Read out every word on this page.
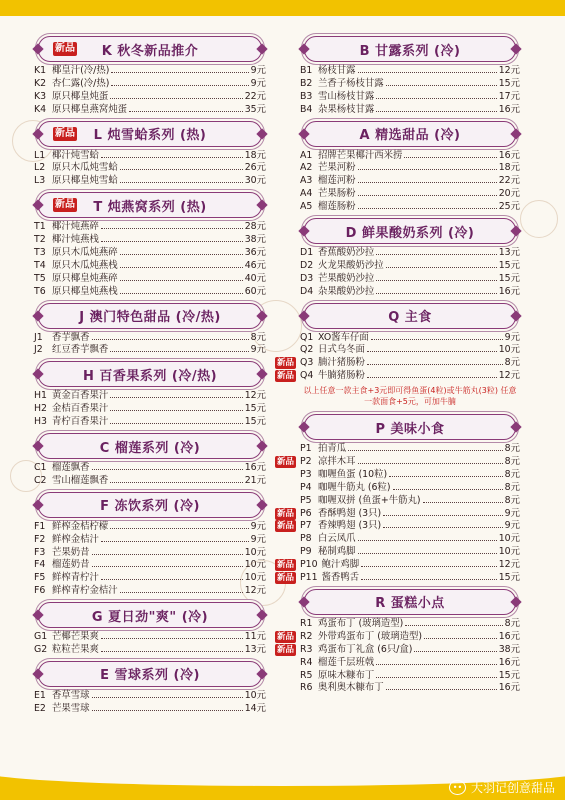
新品 K 秋冬新品推介
K1 椰皇汁(冷/热)	9元
K2 杏仁露(冷/热)	9元
K3 原只椰皇炖蛋	22元
K4 原只椰皇燕窝炖蛋	35元
新品 L 炖雪蛤系列 (热)
L1 椰汁炖雪蛤	18元
L2 原只木瓜炖雪蛤	26元
L3 原只椰皇炖雪蛤	30元
新品 T 炖燕窝系列 (热)
T1 椰汁炖燕碎	28元
T2 椰汁炖燕栈	38元
T3 原只木瓜炖燕碎	36元
T4 原只木瓜炖燕栈	46元
T5 原只椰皇炖燕碎	40元
T6 原只椰皇炖燕栈	60元
J 澳门特色甜品 (冷/热)
J1 香芋飘香	8元
J2 红豆香芋飘香	9元
H 百香果系列 (冷/热)
H1 黄金百香果汁	12元
H2 金桔百香果汁	15元
H3 青柠百香果汁	15元
C 榴莲系列 (冷)
C1 榴莲飘香	16元
C2 雪山榴莲飘香	21元
F 冻饮系列 (冷)
F1 鲜榨金桔柠檬	9元
F2 鲜榨金桔汁	9元
F3 芒果奶昔	10元
F4 榴莲奶昔	10元
F5 鲜榨青柠汁	10元
F6 鲜榨青柠金桔汁	12元
G 夏日劲"爽" (冷)
G1 芒椰芒果爽	11元
G2 粒粒芒果爽	13元
E 雪球系列 (冷)
E1 香草雪球	10元
E2 芒果雪球	14元
B 甘露系列 (冷)
B1 杨枝甘露	12元
B2 兰香子杨枝甘露	15元
B3 雪山杨枝甘露	17元
B4 杂果杨枝甘露	16元
A 精选甜品 (冷)
A1 招牌芒果椰汁西米捞	16元
A2 芒果河粉	18元
A3 榴莲河粉	22元
A4 芒果肠粉	20元
A5 榴莲肠粉	25元
D 鲜果酸奶系列 (冷)
D1 香蕉酸奶沙拉	13元
D2 火龙果酸奶沙拉	15元
D3 芒果酸奶沙拉	15元
D4 杂果酸奶沙拉	16元
Q 主食
Q1 XO酱车仔面	9元
Q2 日式乌冬面	10元
新品 Q3 腩汁猪肠粉	8元
新品 Q4 牛腩猪肠粉	12元
以上任意一款主食+3元即可得鱼蛋(4粒)或牛筋丸(3粒) 任意一款面食+5元，可加牛腩
P 美味小食
P1 拍青瓜	8元
新品 P2 凉拌木耳	8元
P3 咖喱鱼蛋 (10粒)	8元
P4 咖喱牛筋丸 (6粒)	8元
P5 咖喱双拼 (鱼蛋+牛筋丸)	8元
新品 P6 香酥鸭翅 (3只)	9元
新品 P7 香辣鸭翅 (3只)	9元
P8 白云凤爪	10元
P9 秘制鸡脚	10元
新品 P10 鲍汁鸡脚	12元
新品 P11 酱香鸭舌	15元
R 蛋糕小点
R1 鸡蛋布丁 (玻璃造型)	8元
新品 R2 外带鸡蛋布丁 (玻璃造型)	16元
新品 R3 鸡蛋布丁礼盒 (6只/盒)	38元
R4 榴莲千层班戟	16元
R5 原味木糠布丁	15元
R6 奥利奥木糠布丁	16元
•• 大羽记创意甜品
